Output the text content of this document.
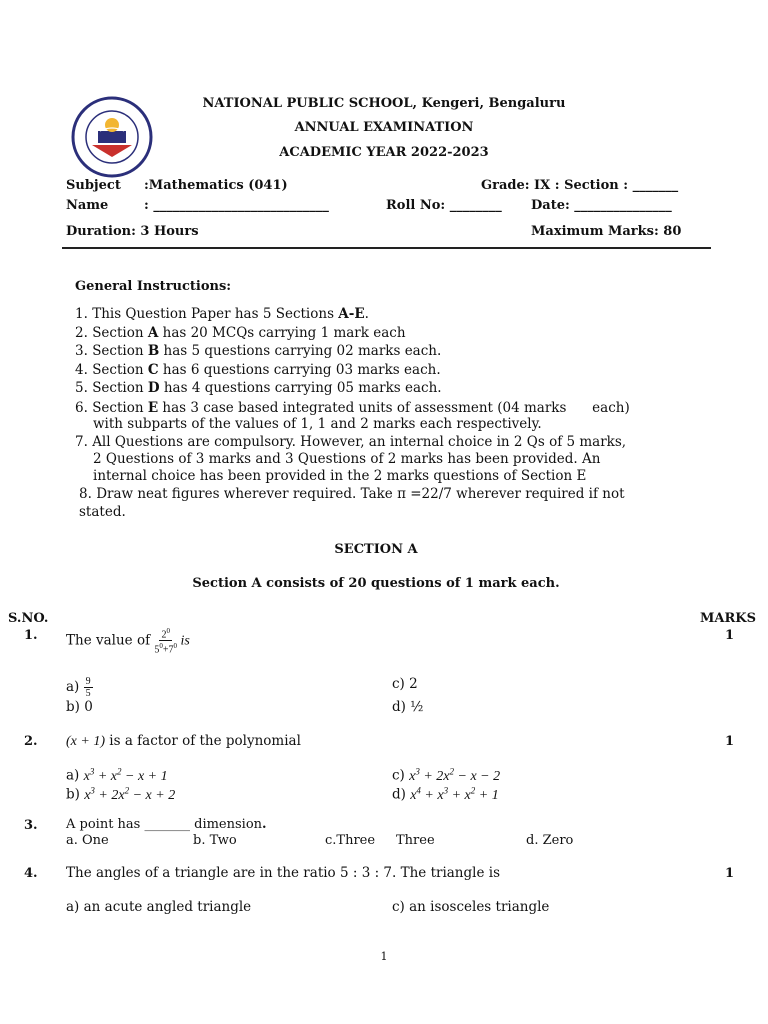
NATIONAL PUBLIC SCHOOL, Kengeri, Bengaluru
ANNUAL EXAMINATION
ACADEMIC YEAR 2022-2023
Subject :Mathematics (041)	Grade: IX : Section : _______
Name	: ___________________________	Roll No: ________ Date: _______________
Duration: 3 Hours	Maximum Marks: 80
General Instructions:
1. This Question Paper has 5 Sections A-E.
2. Section A has 20 MCQs carrying 1 mark each
3. Section B has 5 questions carrying 02 marks each.
4. Section C has 6 questions carrying 03 marks each.
5. Section D has 4 questions carrying 05 marks each.
6. Section E has 3 case based integrated units of assessment (04 marks      each)
with subparts of the values of 1, 1 and 2 marks each respectively.
7. All Questions are compulsory. However, an internal choice in 2 Qs of 5 marks,
2 Questions of 3 marks and 3 Questions of 2 marks has been provided. An
internal choice has been provided in the 2 marks questions of Section E
8. Draw neat figures wherever required. Take π =22/7 wherever required if not
stated.
SECTION A
Section A consists of 20 questions of 1 mark each.
S.NO.	MARKS
1. The value of $\frac{2^0}{5^0+7^0}$ is	1
$a) \frac{9}{5}$
b) 0
c) 2
d) ½
2. (x + 1) is a factor of the polynomial	1
a) $x^3 + x^2 - x + 1$
b) $x^3 + 2x^2 - x + 2$
c) $x^3 + 2x^2 - x - 2$
d) $x^4 + x^3 + x^2 + 1$
3. A point has _______ dimension.
a. One	b. Two	c.Three Three	d. Zero
4. The angles of a triangle are in the ratio 5 : 3 : 7. The triangle is	1
a) an acute angled triangle	c) an isosceles triangle
1
